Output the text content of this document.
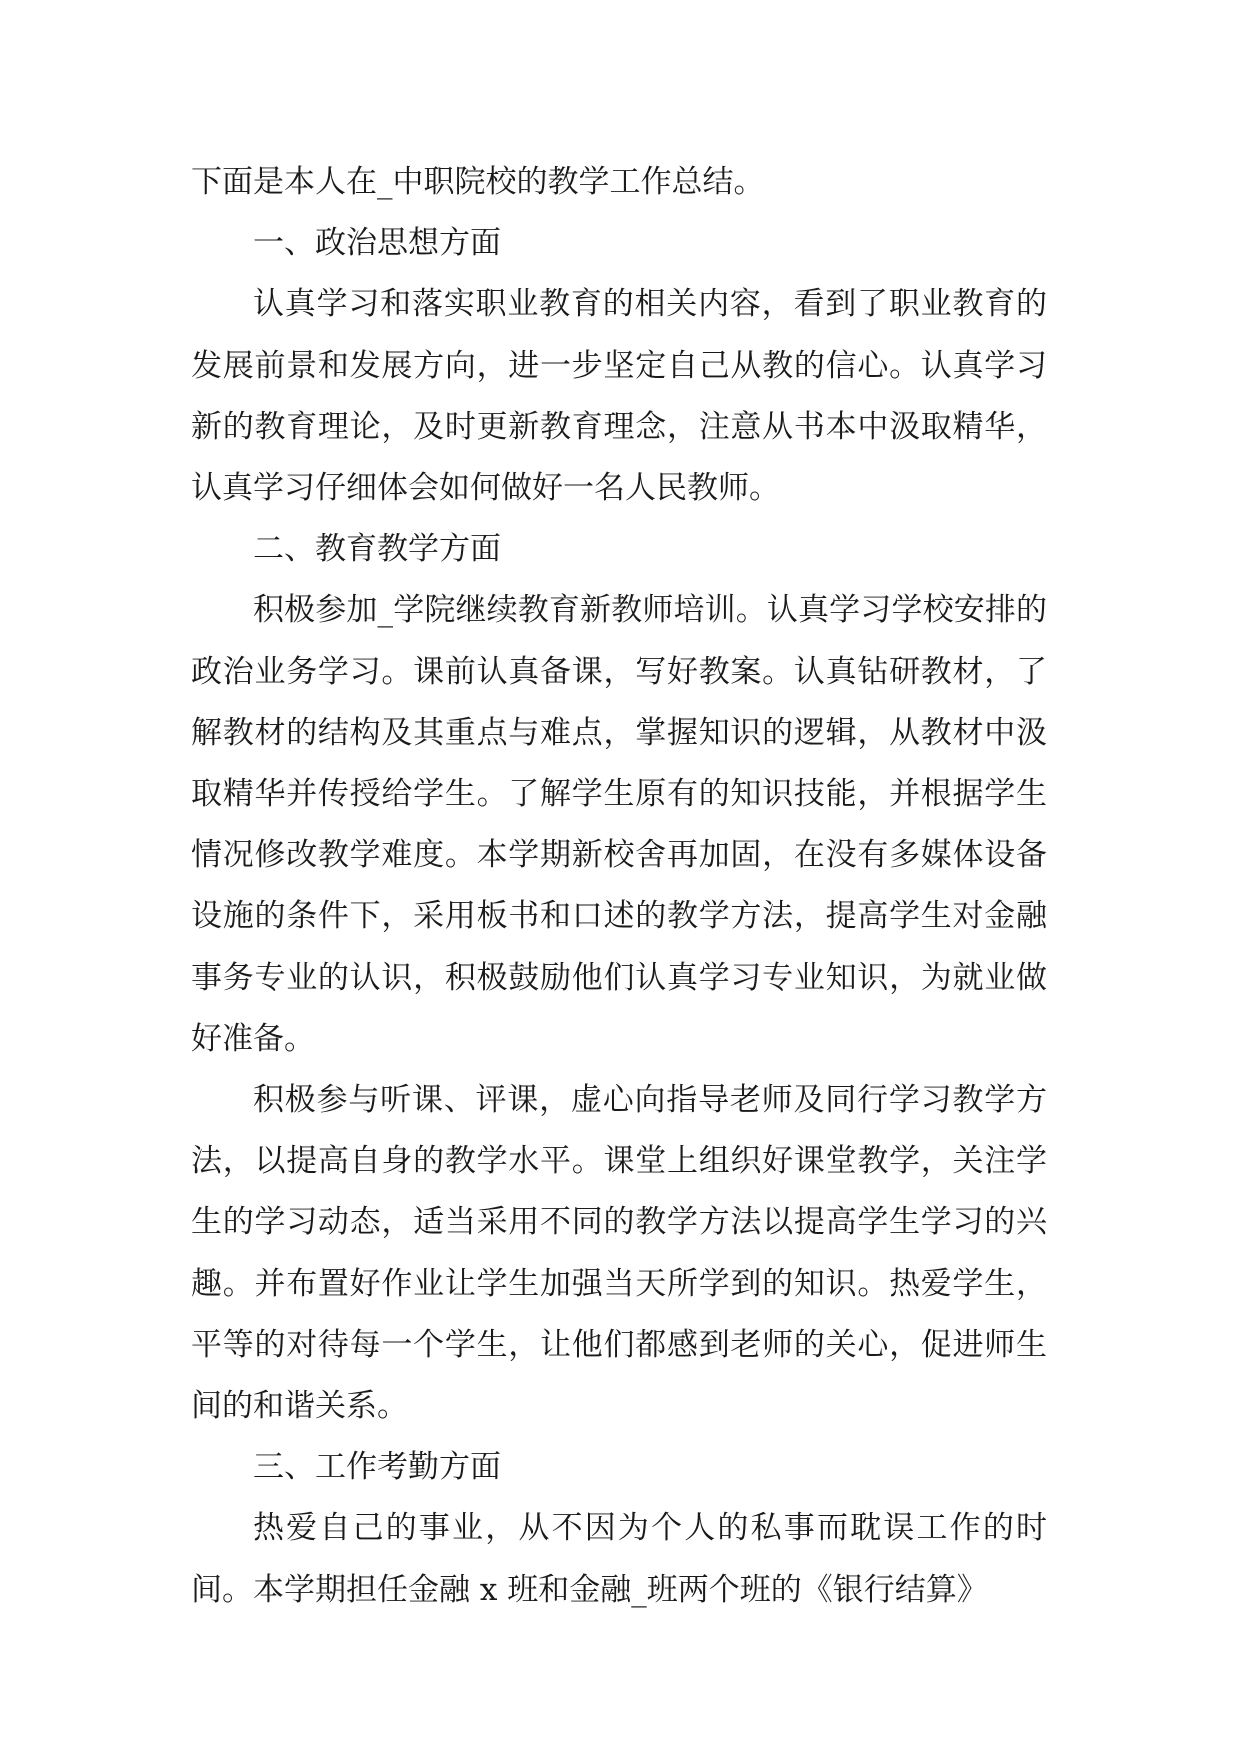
下面是本人在_中职院校的教学工作总结。

一、政治思想方面

认真学习和落实职业教育的相关内容，看到了职业教育的发展前景和发展方向，进一步坚定自己从教的信心。认真学习新的教育理论，及时更新教育理念，注意从书本中汲取精华，认真学习仔细体会如何做好一名人民教师。

二、教育教学方面

积极参加_学院继续教育新教师培训。认真学习学校安排的政治业务学习。课前认真备课，写好教案。认真钻研教材，了解教材的结构及其重点与难点，掌握知识的逻辑，从教材中汲取精华并传授给学生。了解学生原有的知识技能，并根据学生情况修改教学难度。本学期新校舍再加固，在没有多媒体设备设施的条件下，采用板书和口述的教学方法，提高学生对金融事务专业的认识，积极鼓励他们认真学习专业知识，为就业做好准备。

积极参与听课、评课，虚心向指导老师及同行学习教学方法，以提高自身的教学水平。课堂上组织好课堂教学，关注学生的学习动态，适当采用不同的教学方法以提高学生学习的兴趣。并布置好作业让学生加强当天所学到的知识。热爱学生，平等的对待每一个学生，让他们都感到老师的关心，促进师生间的和谐关系。

三、工作考勤方面

热爱自己的事业，从不因为个人的私事而耽误工作的时间。本学期担任金融 x 班和金融_班两个班的《银行结算》
